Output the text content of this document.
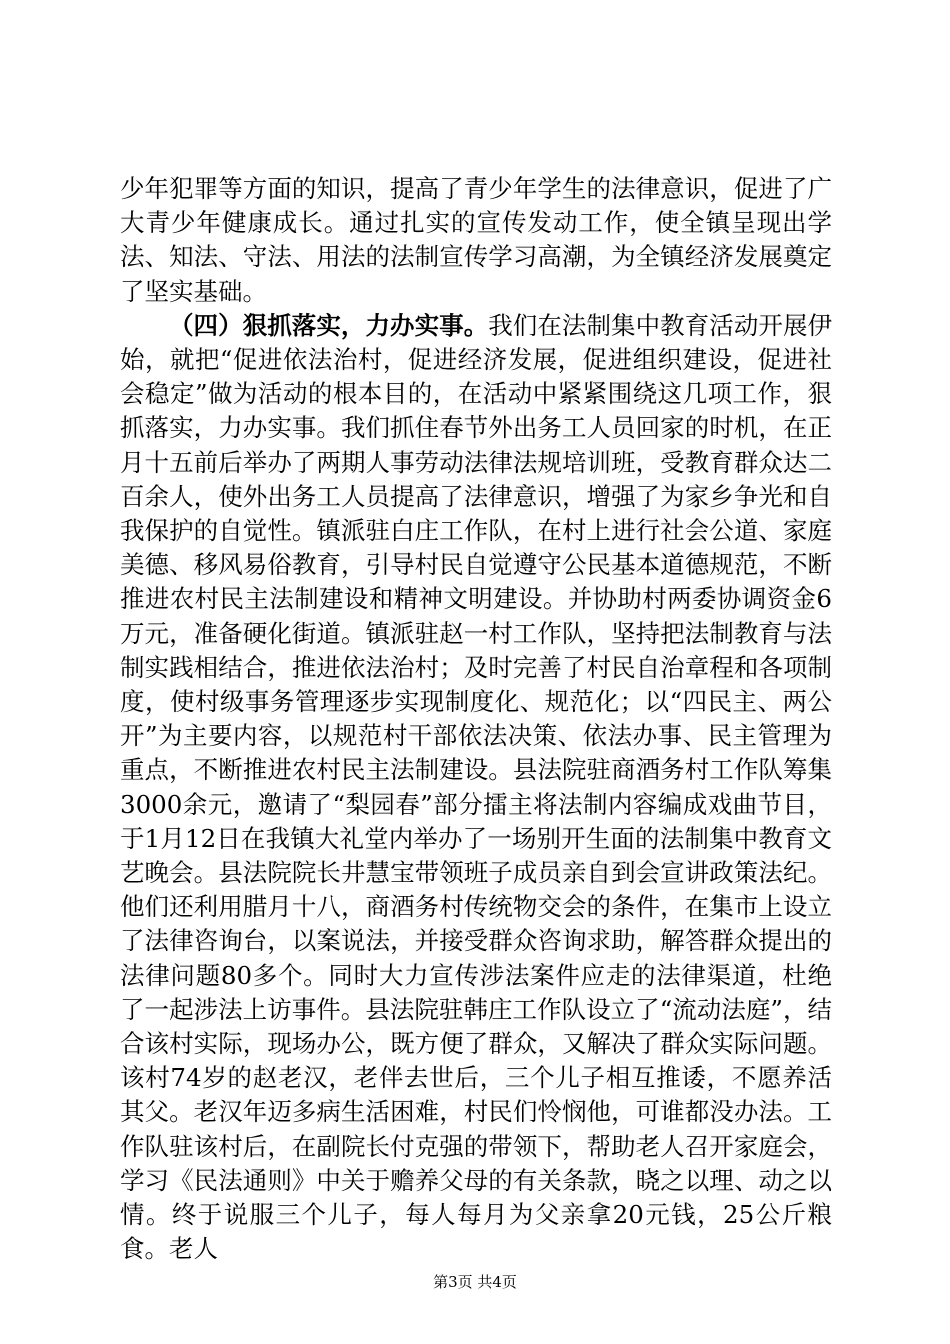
少年犯罪等方面的知识，提高了青少年学生的法律意识，促进了广大青少年健康成长。通过扎实的宣传发动工作，使全镇呈现出学法、知法、守法、用法的法制宣传学习高潮，为全镇经济发展奠定了坚实基础。

（四）狠抓落实，力办实事。我们在法制集中教育活动开展伊始，就把“促进依法治村，促进经济发展，促进组织建设，促进社会稳定”做为活动的根本目的，在活动中紧紧围绕这几项工作，狠抓落实，力办实事。我们抓住春节外出务工人员回家的时机，在正月十五前后举办了两期人事劳动法律法规培训班，受教育群众达二百余人，使外出务工人员提高了法律意识，增强了为家乡争光和自我保护的自觉性。镇派驻白庄工作队，在村上进行社会公道、家庭美德、移风易俗教育，引导村民自觉遵守公民基本道德规范，不断推进农村民主法制建设和精神文明建设。并协助村两委协调资金6万元，准备硬化街道。镇派驻赵一村工作队，坚持把法制教育与法制实践相结合，推进依法治村；及时完善了村民自治章程和各项制度，使村级事务管理逐步实现制度化、规范化；以“四民主、两公开”为主要内容，以规范村干部依法决策、依法办事、民主管理为重点，不断推进农村民主法制建设。县法院驻商酒务村工作队筹集3000余元，邀请了“梨园春”部分擂主将法制内容编成戏曲节目，于1月12日在我镇大礼堂内举办了一场别开生面的法制集中教育文艺晚会。县法院院长井慧宝带领班子成员亲自到会宣讲政策法纪。他们还利用腊月十八，商酒务村传统物交会的条件，在集市上设立了法律咨询台，以案说法，并接受群众咨询求助，解答群众提出的法律问题80多个。同时大力宣传涉法案件应走的法律渠道，杜绝了一起涉法上访事件。县法院驻韩庄工作队设立了“流动法庭”，结合该村实际，现场办公，既方便了群众，又解决了群众实际问题。该村74岁的赵老汉，老伴去世后，三个儿子相互推诿，不愿养活其父。老汉年迈多病生活困难，村民们怜悯他，可谁都没办法。工作队驻该村后，在副院长付克强的带领下，帮助老人召开家庭会，学习《民法通则》中关于赡养父母的有关条款，晓之以理、动之以情。终于说服三个儿子，每人每月为父亲拿20元钱，25公斤粮食。老人

第3页 共4页
